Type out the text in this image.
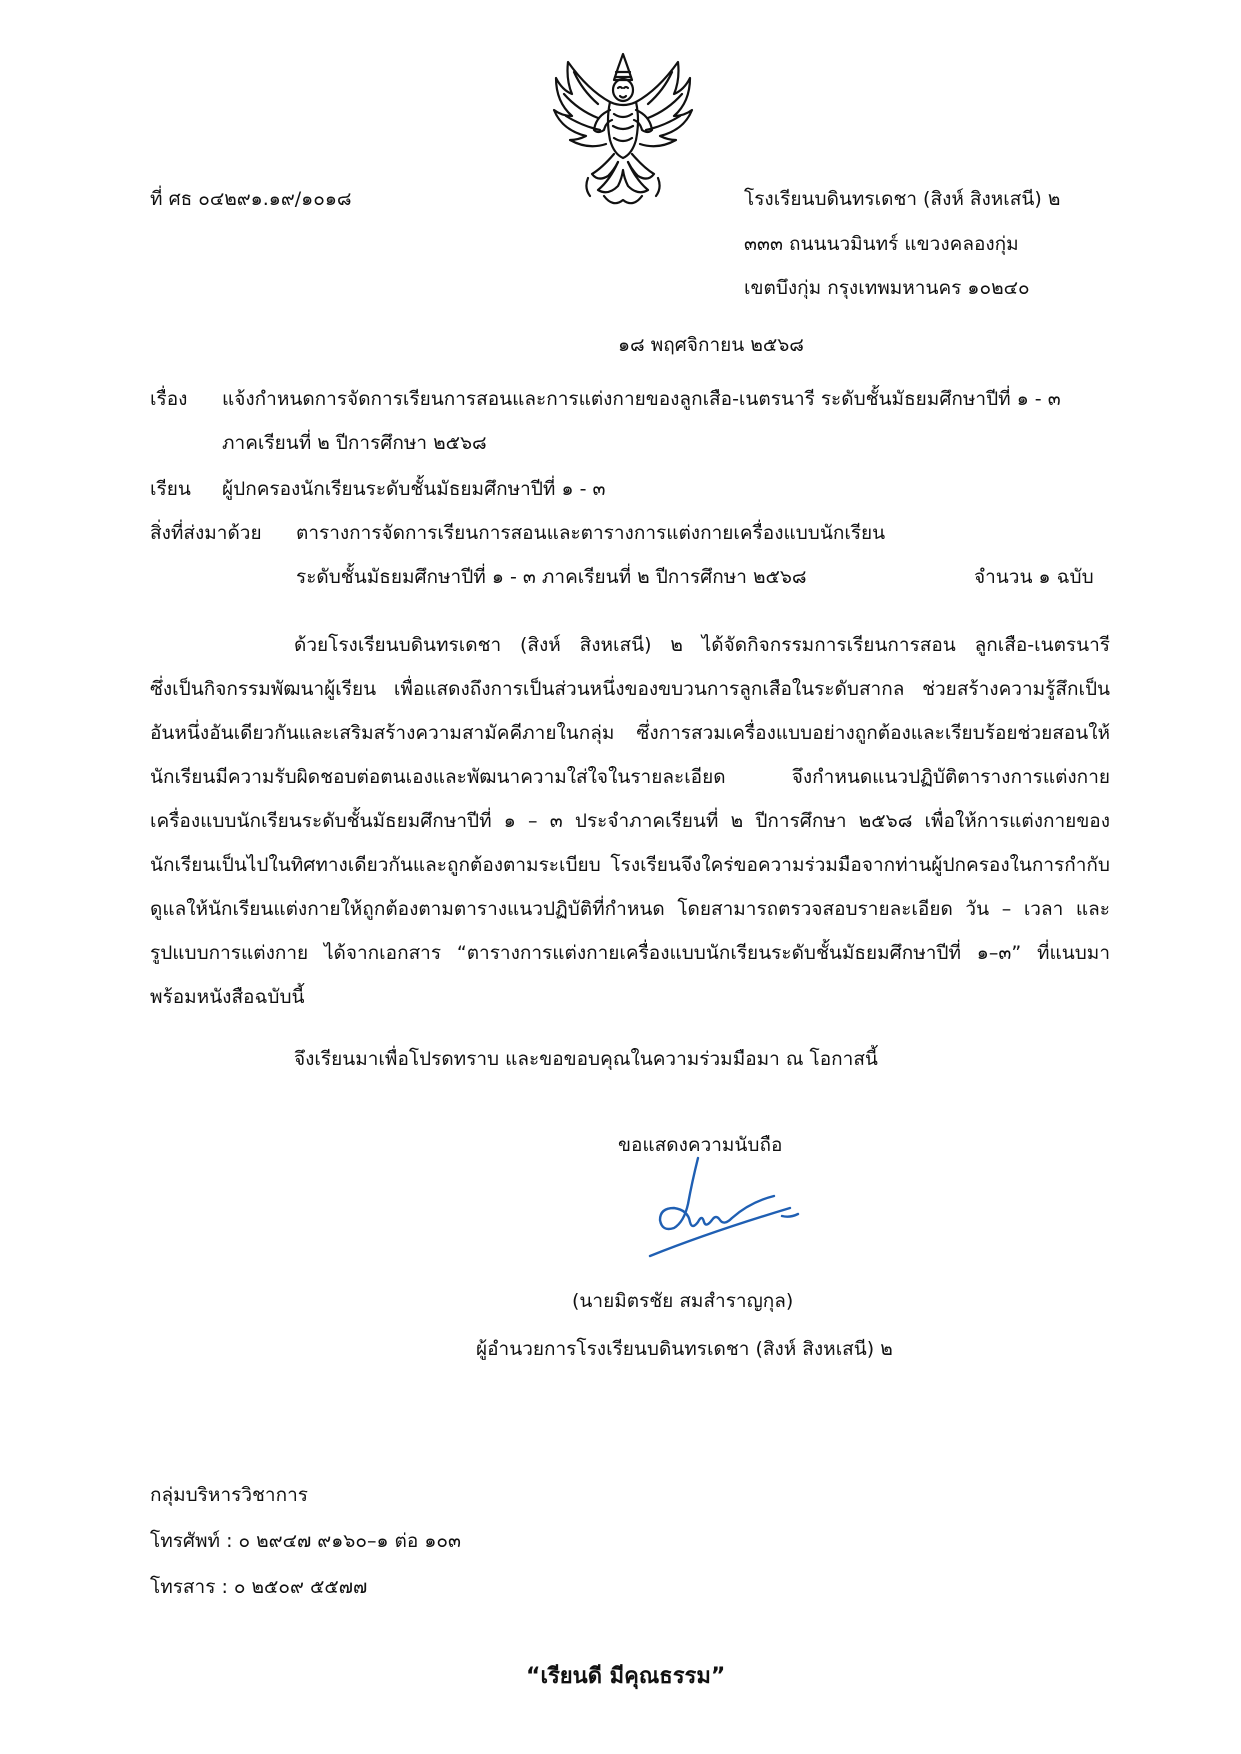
ที่ ศธ ๐๔๒๙๑.๑๙/๑๐๑๘	โรงเรียนบดินทรเดชา (สิงห์ สิงหเสนี) ๒
๓๓๓ ถนนนวมินทร์ แขวงคลองกุ่ม
เขตบึงกุ่ม กรุงเทพมหานคร ๑๐๒๔๐
๑๘ พฤศจิกายน ๒๕๖๘
เรื่อง แจ้งกำหนดการจัดการเรียนการสอนและการแต่งกายของลูกเสือ-เนตรนารี ระดับชั้นมัธยมศึกษาปีที่ ๑ - ๓
ภาคเรียนที่ ๒ ปีการศึกษา ๒๕๖๘
เรียน ผู้ปกครองนักเรียนระดับชั้นมัธยมศึกษาปีที่ ๑ - ๓
สิ่งที่ส่งมาด้วย ตารางการจัดการเรียนการสอนและตารางการแต่งกายเครื่องแบบนักเรียน
ระดับชั้นมัธยมศึกษาปีที่ ๑ - ๓ ภาคเรียนที่ ๒ ปีการศึกษา ๒๕๖๘	จำนวน ๑ ฉบับ
ด้วยโรงเรียนบดินทรเดชา (สิงห์ สิงหเสนี) ๒ ได้จัดกิจกรรมการเรียนการสอน ลูกเสือ-เนตรนารี
ซึ่งเป็นกิจกรรมพัฒนาผู้เรียน เพื่อแสดงถึงการเป็นส่วนหนึ่งของขบวนการลูกเสือในระดับสากล ช่วยสร้างความรู้สึกเป็น
อันหนึ่งอันเดียวกันและเสริมสร้างความสามัคคีภายในกลุ่ม ซึ่งการสวมเครื่องแบบอย่างถูกต้องและเรียบร้อยช่วยสอนให้
นักเรียนมีความรับผิดชอบต่อตนเองและพัฒนาความใส่ใจในรายละเอียด จึงกำหนดแนวปฏิบัติตารางการแต่งกาย
เครื่องแบบนักเรียนระดับชั้นมัธยมศึกษาปีที่ ๑ – ๓ ประจำภาคเรียนที่ ๒ ปีการศึกษา ๒๕๖๘ เพื่อให้การแต่งกายของ
นักเรียนเป็นไปในทิศทางเดียวกันและถูกต้องตามระเบียบ โรงเรียนจึงใคร่ขอความร่วมมือจากท่านผู้ปกครองในการกำกับ
ดูแลให้นักเรียนแต่งกายให้ถูกต้องตามตารางแนวปฏิบัติที่กำหนด โดยสามารถตรวจสอบรายละเอียด วัน – เวลา และ
รูปแบบการแต่งกาย ได้จากเอกสาร “ตารางการแต่งกายเครื่องแบบนักเรียนระดับชั้นมัธยมศึกษาปีที่ ๑–๓” ที่แนบมา
พร้อมหนังสือฉบับนี้
จึงเรียนมาเพื่อโปรดทราบ และขอขอบคุณในความร่วมมือมา ณ โอกาสนี้
ขอแสดงความนับถือ
(นายมิตรชัย สมสำราญกุล)
ผู้อำนวยการโรงเรียนบดินทรเดชา (สิงห์ สิงหเสนี) ๒
กลุ่มบริหารวิชาการ
โทรศัพท์ : ๐ ๒๙๔๗ ๙๑๖๐–๑ ต่อ ๑๐๓
โทรสาร : ๐ ๒๕๐๙ ๕๕๗๗
“เรียนดี มีคุณธรรม”
